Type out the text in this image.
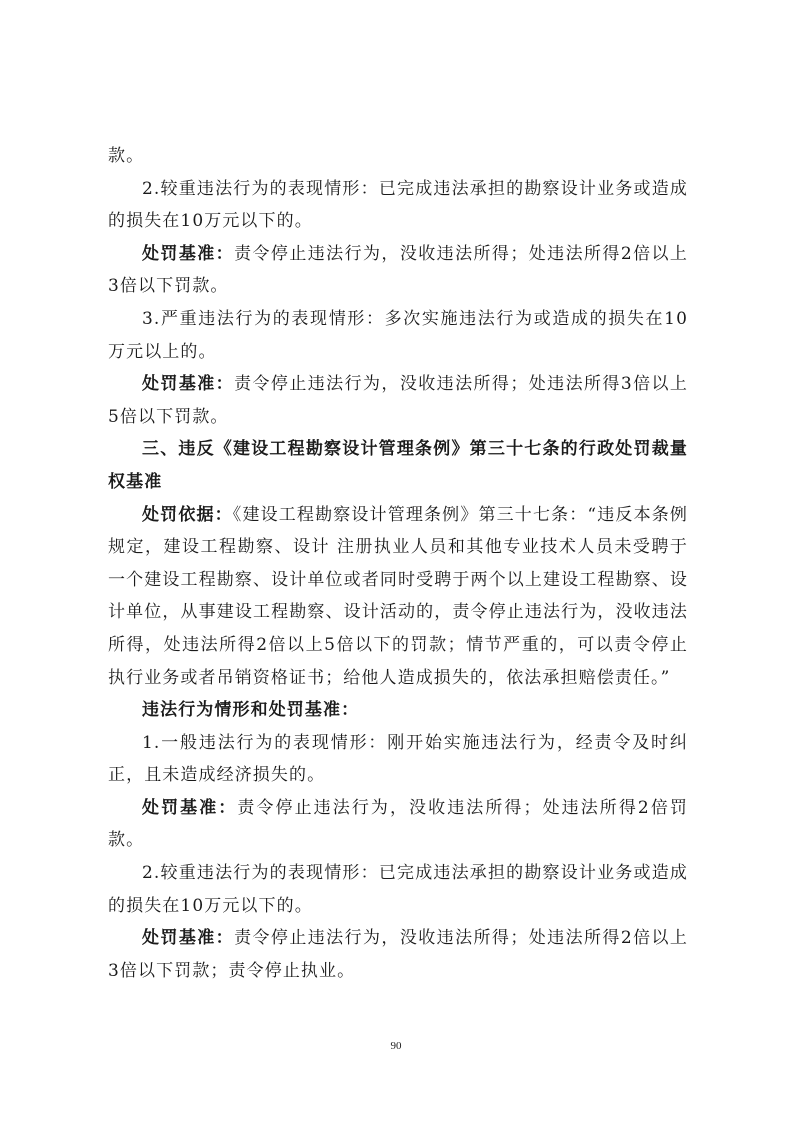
款。

2.较重违法行为的表现情形：已完成违法承担的勘察设计业务或造成的损失在10万元以下的。

处罚基准：责令停止违法行为，没收违法所得；处违法所得2倍以上3倍以下罚款。

3.严重违法行为的表现情形：多次实施违法行为或造成的损失在10万元以上的。

处罚基准：责令停止违法行为，没收违法所得；处违法所得3倍以上5倍以下罚款。

三、违反《建设工程勘察设计管理条例》第三十七条的行政处罚裁量权基准

处罚依据：《建设工程勘察设计管理条例》第三十七条：“违反本条例规定，建设工程勘察、设计 注册执业人员和其他专业技术人员未受聘于一个建设工程勘察、设计单位或者同时受聘于两个以上建设工程勘察、设计单位，从事建设工程勘察、设计活动的，责令停止违法行为，没收违法所得，处违法所得2倍以上5倍以下的罚款；情节严重的，可以责令停止执行业务或者吊销资格证书；给他人造成损失的，依法承担赔偿责任。”

违法行为情形和处罚基准：

1.一般违法行为的表现情形：刚开始实施违法行为，经责令及时纠正，且未造成经济损失的。

处罚基准：责令停止违法行为，没收违法所得；处违法所得2倍罚款。

2.较重违法行为的表现情形：已完成违法承担的勘察设计业务或造成的损失在10万元以下的。

处罚基准：责令停止违法行为，没收违法所得；处违法所得2倍以上3倍以下罚款；责令停止执业。

90
